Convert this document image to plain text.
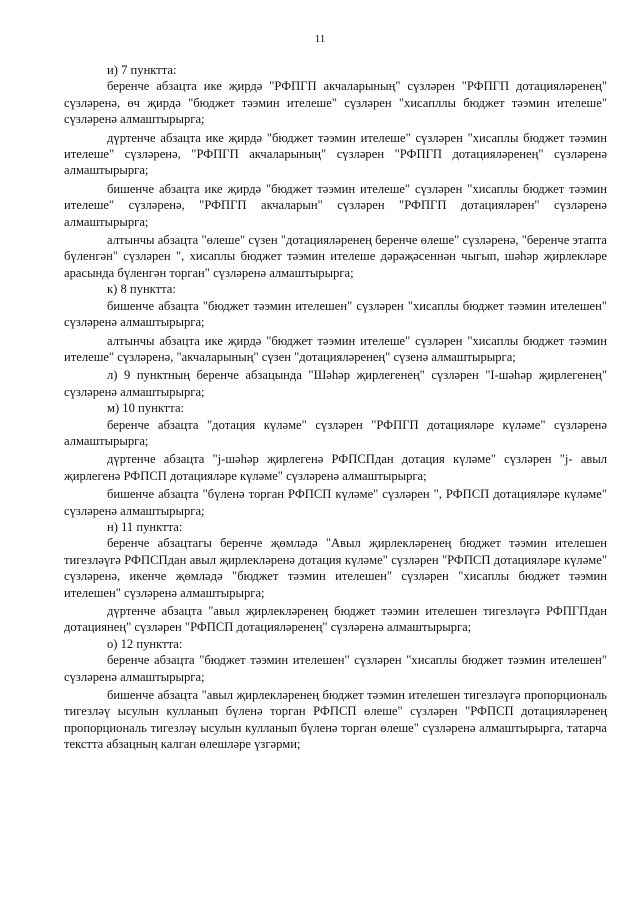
11

и) 7 пунктта:

беренче абзацта ике җирдә "РФПГП акчаларының" сүзләрен "РФПГП дотацияләренең" сүзләренә, өч җирдә "бюджет тәэмин ителеше" сүзләрен "хисапллы бюджет тәэмин ителеше" сүзләренә алмаштырырга;

дүртенче абзацта ике җирдә "бюджет тәэмин ителеше" сүзләрен "хисаплы бюджет тәэмин ителеше" сүзләренә, "РФПГП акчаларының" сүзләрен "РФПГП дотацияләренең" сүзләренә алмаштырырга;

бишенче абзацта ике җирдә "бюджет тәэмин ителеше" сүзләрен "хисаплы бюджет тәэмин ителеше" сүзләренә, "РФПГП акчаларын" сүзләрен "РФПГП дотацияләрен" сүзләренә алмаштырырга;

алтынчы абзацта "өлеше" сүзен "дотацияләренең беренче өлеше" сүзләренә, "беренче этапта бүленгән" сүзләрен ", хисаплы бюджет тәэмин ителеше дәрәҗәсеннән чыгып, шәһәр җирлекләре арасында бүленгән торган" сүзләренә алмаштырырга;

к) 8 пунктта:

бишенче абзацта "бюджет тәэмин ителешен" сүзләрен "хисаплы бюджет тәэмин ителешен" сүзләренә алмаштырырга;

алтынчы абзацта ике җирдә "бюджет тәэмин ителеше" сүзләрен "хисаплы бюджет тәэмин ителеше" сүзләренә, "акчаларының" сүзен "дотацияләренең" сүзенә алмаштырырга;

л) 9 пунктның беренче абзацында "Шәһәр җирлегенең" сүзләрен "I-шәһәр җирлегенең" сүзләренә алмаштырырга;

м) 10 пунктта:

беренче абзацта "дотация күләме" сүзләрен "РФПГП дотацияләре күләме" сүзләренә алмаштырырга;

дүртенче абзацта "j-шәһәр җирлегенә РФПСПдан дотация күләме" сүзләрен "j- авыл җирлегенә РФПСП дотацияләре күләме" сүзләренә алмаштырырга;

бишенче абзацта "бүленә торган РФПСП күләме" сүзләрен ", РФПСП дотацияләре күләме" сүзләренә алмаштырырга;

н) 11 пунктта:

беренче абзацтагы беренче җөмләдә "Авыл җирлекләренең бюджет тәэмин ителешен тигезләүгә РФПСПдан авыл җирлекләренә дотация күләме" сүзләрен "РФПСП дотацияләре күләме" сүзләренә, икенче җөмләдә "бюджет тәэмин ителешен" сүзләрен "хисаплы бюджет тәэмин ителешен" сүзләренә алмаштырырга;

дүртенче абзацта "авыл җирлекләренең бюджет тәэмин ителешен тигезләүгә РФПГПдан дотациянең" сүзләрен "РФПСП дотацияләренең" сүзләренә алмаштырырга;

о) 12 пунктта:

беренче абзацта "бюджет тәэмин ителешен" сүзләрен "хисаплы бюджет тәэмин ителешен" сүзләренә алмаштырырга;

бишенче абзацта "авыл җирлекләренең бюджет тәэмин ителешен тигезләүгә пропорциональ тигезләү ысулын кулланып бүленә торган РФПСП өлеше" сүзләрен "РФПСП дотацияләренең пропорциональ тигезләү ысулын кулланып бүленә торган өлеше" сүзләренә алмаштырырга, татарча текстта абзацның калган өлешләре үзгәрми;
